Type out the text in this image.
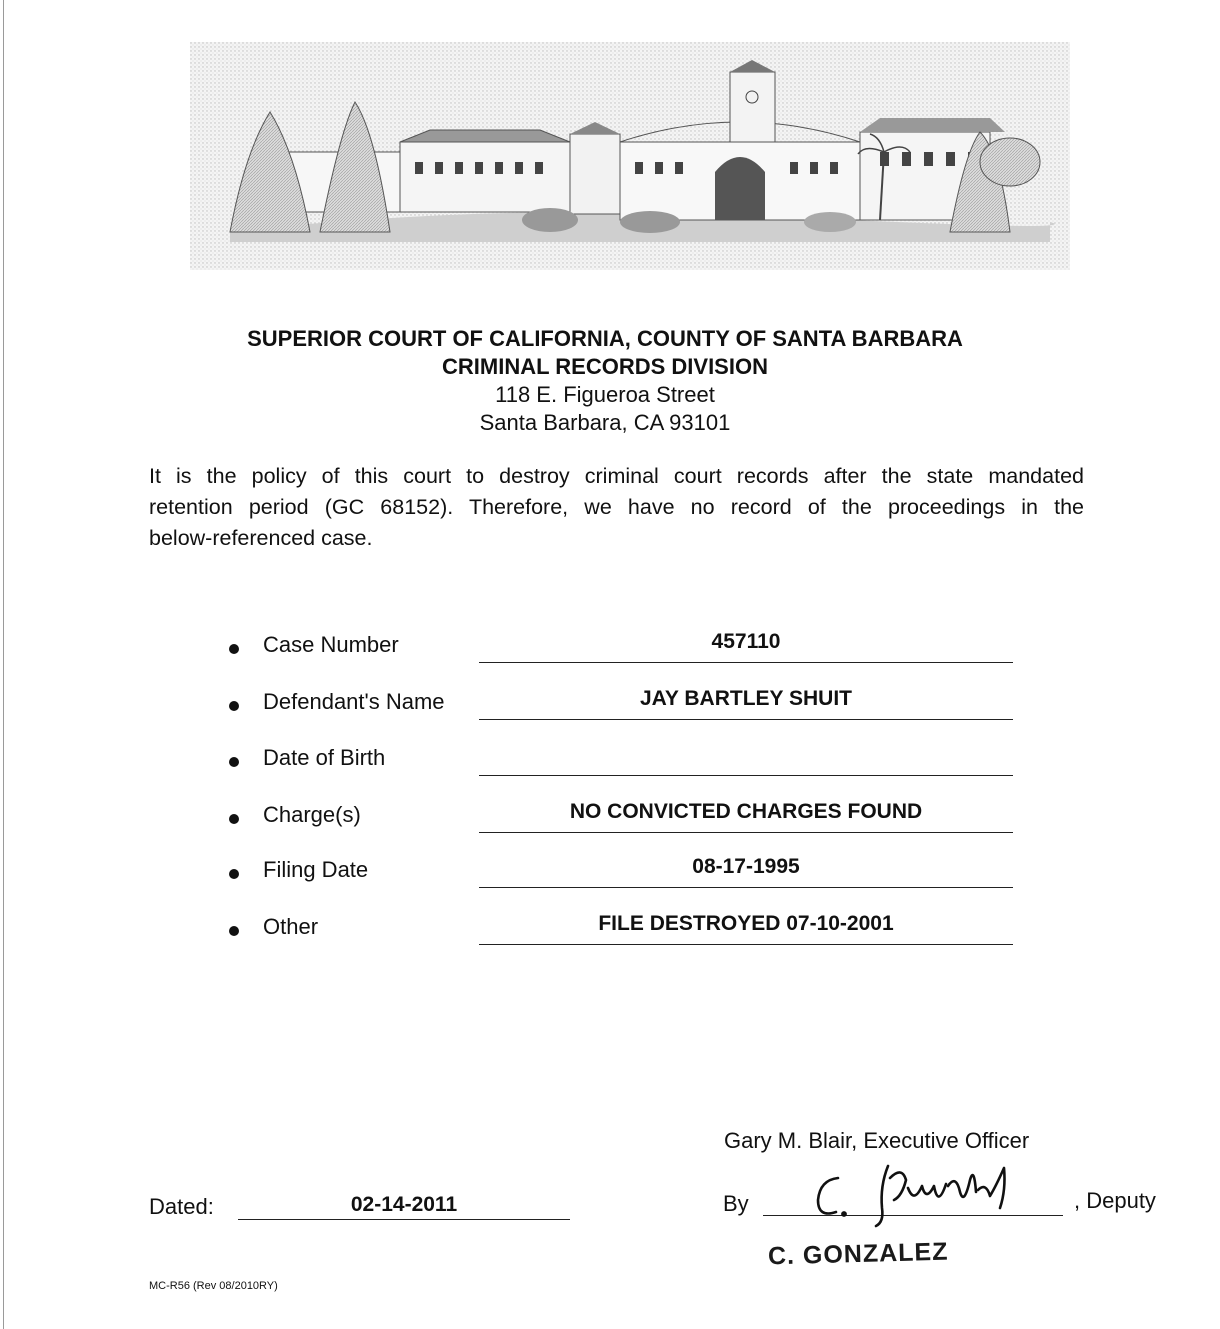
SUPERIOR COURT OF CALIFORNIA, COUNTY OF SANTA BARBARA
CRIMINAL RECORDS DIVISION
118 E. Figueroa Street
Santa Barbara, CA 93101
It is the policy of this court to destroy criminal court records after the state mandated
retention period (GC 68152). Therefore, we have no record of the proceedings in the
below-referenced case.
Case Number	457110
Defendant's Name	JAY BARTLEY SHUIT
Date of Birth
Charge(s)	NO CONVICTED CHARGES FOUND
Filing Date	08-17-1995
Other	FILE DESTROYED 07-10-2001
Gary M. Blair, Executive Officer
Dated:	02-14-2011	By	, Deputy
C. GONZALEZ
MC-R56 (Rev 08/2010RY)
